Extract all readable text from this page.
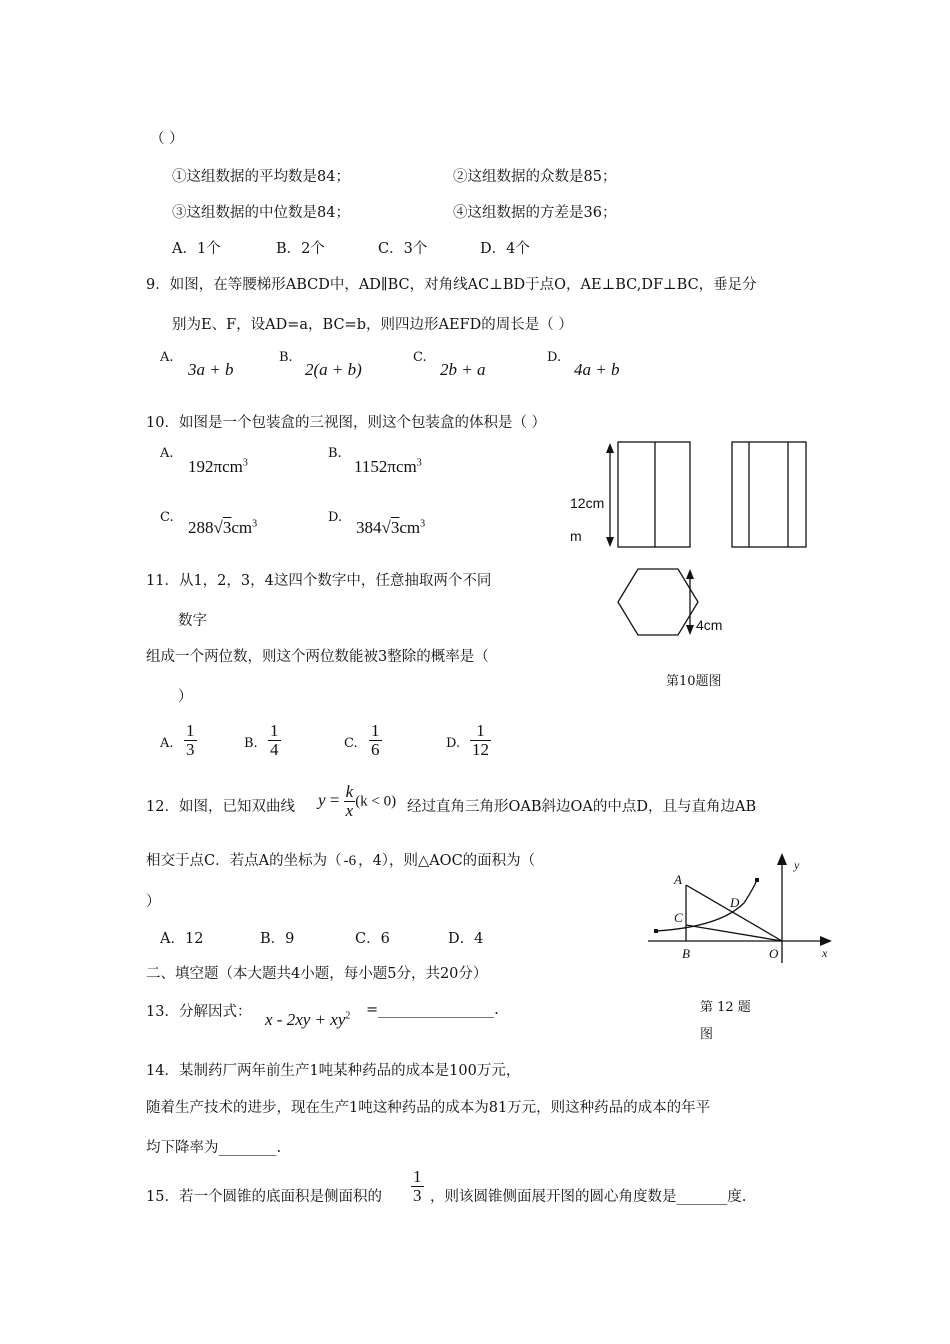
（ ）
①这组数据的平均数是84；	②这组数据的众数是85；
③这组数据的中位数是84；	④这组数据的方差是36；
A．1个	B．2个	C．3个	D．4个
9．如图，在等腰梯形ABCD中，AD∥BC，对角线AC⊥BD于点O，AE⊥BC,DF⊥BC，垂足分
别为E、F，设AD=a，BC=b，则四边形AEFD的周长是（ ）
A.
3a + b
B.
2(a + b)
C.
2b + a
D.
4a + b
10．如图是一个包装盒的三视图，则这个包装盒的体积是（ ）
A.
192πcm$^3$
B.
1152πcm$^3$
C.
$288√3cm^3$	D.
$384√3cm^3$
12cm
m
4cm
第10题图
11．从1，2，3，4这四个数字中，任意抽取两个不同
数字
组成一个两位数，则这个两位数能被3整除的概率是（
）
A. $\frac{1}{3}$	B. $\frac{1}{4}$	C. $\frac{1}{6}$	D. $\frac{1}{12}$
12．如图，已知双曲线 $y = \frac{k}{x} (k < 0)$ 经过直角三角形OAB斜边OA的中点D，且与直角边AB
相交于点C．若点A的坐标为（ -6 ，4），则△AOC的面积为（
）
A．12	B．9	C．6	D．4
A
C
D
B	O	x
y
第 12 题
图
二、填空题（本大题共4小题，每小题5分，共20分）
13．分解因式： $x - 2xy + xy^2$ =________________.
14．某制药厂两年前生产1吨某种药品的成本是100万元，
随着生产技术的进步，现在生产1吨这种药品的成本为81万元，则这种药品的成本的年平
均下降率为________.
15．若一个圆锥的底面积是侧面积的 $\frac{1}{3}$ ，则该圆锥侧面展开图的圆心角度数是_______度.
